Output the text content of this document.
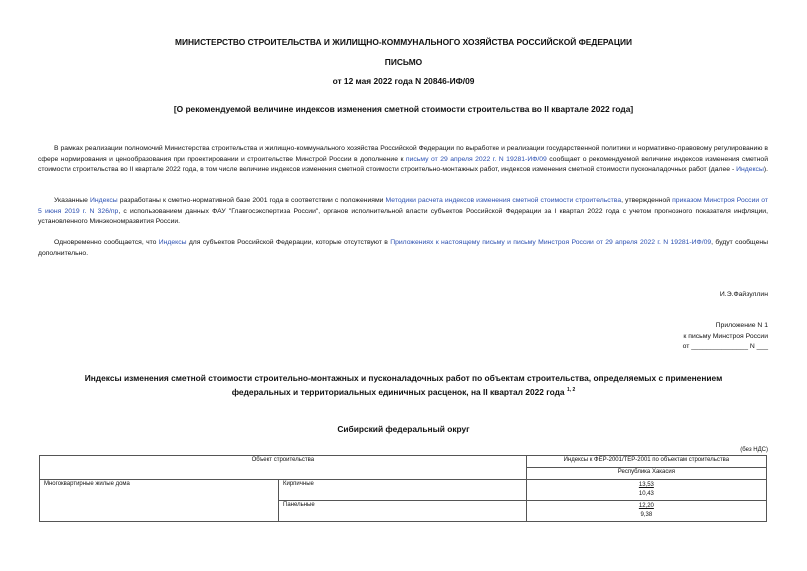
МИНИСТЕРСТВО СТРОИТЕЛЬСТВА И ЖИЛИЩНО-КОММУНАЛЬНОГО ХОЗЯЙСТВА РОССИЙСКОЙ ФЕДЕРАЦИИ
ПИСЬМО
от 12 мая 2022 года N 20846-ИФ/09
[О рекомендуемой величине индексов изменения сметной стоимости строительства во II квартале 2022 года]
В рамках реализации полномочий Министерства строительства и жилищно-коммунального хозяйства Российской Федерации по выработке и реализации государственной политики и нормативно-правовому регулированию в сфере нормирования и ценообразования при проектировании и строительстве Минстрой России в дополнение к письму от 29 апреля 2022 г. N 19281-ИФ/09 сообщает о рекомендуемой величине индексов изменения сметной стоимости строительства во II квартале 2022 года, в том числе величине индексов изменения сметной стоимости строительно-монтажных работ, индексов изменения сметной стоимости пусконаладочных работ (далее - Индексы).
Указанные Индексы разработаны к сметно-нормативной базе 2001 года в соответствии с положениями Методики расчета индексов изменения сметной стоимости строительства, утвержденной приказом Минстроя России от 5 июня 2019 г. N 326/пр, с использованием данных ФАУ "Главгосэкспертиза России", органов исполнительной власти субъектов Российской Федерации за I квартал 2022 года с учетом прогнозного показателя инфляции, установленного Минэкономразвития России.
Одновременно сообщается, что Индексы для субъектов Российской Федерации, которые отсутствуют в Приложениях к настоящему письму и письму Минстроя России от 29 апреля 2022 г. N 19281-ИФ/09, будут сообщены дополнительно.
И.Э.Файзуллин
Приложение N 1
к письму Минстроя России
от _______________ N ___
Индексы изменения сметной стоимости строительно-монтажных и пусконаладочных работ по объектам строительства, определяемых с применением
федеральных и территориальных единичных расценок, на II квартал 2022 года $^{1, 2}$
Сибирский федеральный округ
(без НДС)
Объект строительства		Индексы к ФЕР-2001/ТЕР-2001 по объектам строительства
		Республика Хакасия
Многоквартирные жилые дома	Кирпичные	13,53
10,43

	Панельные	12,20
9,38
